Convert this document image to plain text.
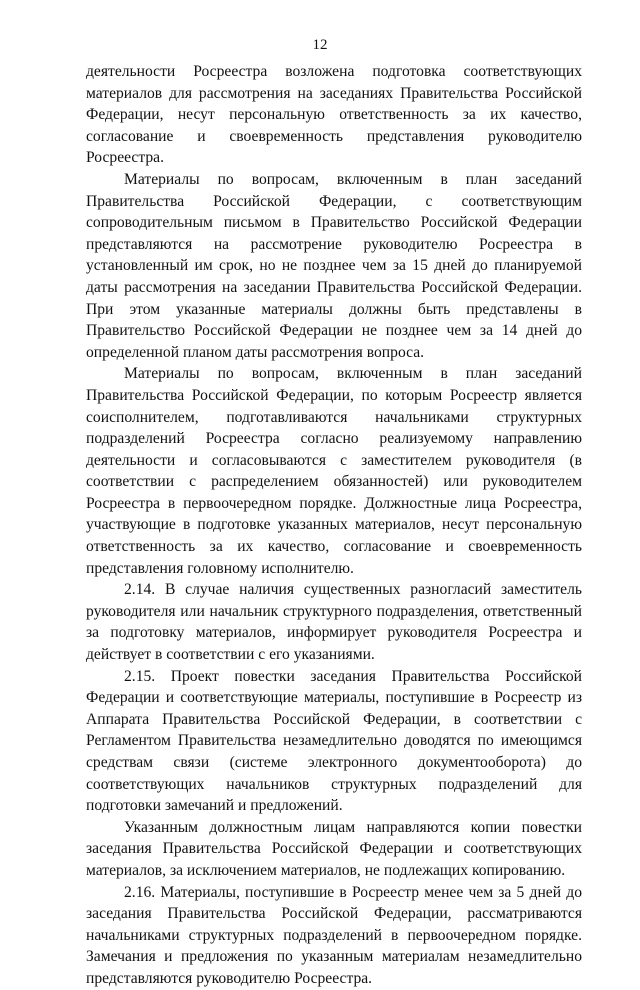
12

деятельности Росреестра возложена подготовка соответствующих материалов для рассмотрения на заседаниях Правительства Российской Федерации, несут персональную ответственность за их качество, согласование и своевременность представления руководителю Росреестра.

Материалы по вопросам, включенным в план заседаний Правительства Российской Федерации, с соответствующим сопроводительным письмом в Правительство Российской Федерации представляются на рассмотрение руководителю Росреестра в установленный им срок, но не позднее чем за 15 дней до планируемой даты рассмотрения на заседании Правительства Российской Федерации. При этом указанные материалы должны быть представлены в Правительство Российской Федерации не позднее чем за 14 дней до определенной планом даты рассмотрения вопроса.

Материалы по вопросам, включенным в план заседаний Правительства Российской Федерации, по которым Росреестр является соисполнителем, подготавливаются начальниками структурных подразделений Росреестра согласно реализуемому направлению деятельности и согласовываются с заместителем руководителя (в соответствии с распределением обязанностей) или руководителем Росреестра в первоочередном порядке. Должностные лица Росреестра, участвующие в подготовке указанных материалов, несут персональную ответственность за их качество, согласование и своевременность представления головному исполнителю.

2.14. В случае наличия существенных разногласий заместитель руководителя или начальник структурного подразделения, ответственный за подготовку материалов, информирует руководителя Росреестра и действует в соответствии с его указаниями.

2.15. Проект повестки заседания Правительства Российской Федерации и соответствующие материалы, поступившие в Росреестр из Аппарата Правительства Российской Федерации, в соответствии с Регламентом Правительства незамедлительно доводятся по имеющимся средствам связи (системе электронного документооборота) до соответствующих начальников структурных подразделений для подготовки замечаний и предложений.

Указанным должностным лицам направляются копии повестки заседания Правительства Российской Федерации и соответствующих материалов, за исключением материалов, не подлежащих копированию.

2.16. Материалы, поступившие в Росреестр менее чем за 5 дней до заседания Правительства Российской Федерации, рассматриваются начальниками структурных подразделений в первоочередном порядке. Замечания и предложения по указанным материалам незамедлительно представляются руководителю Росреестра.
